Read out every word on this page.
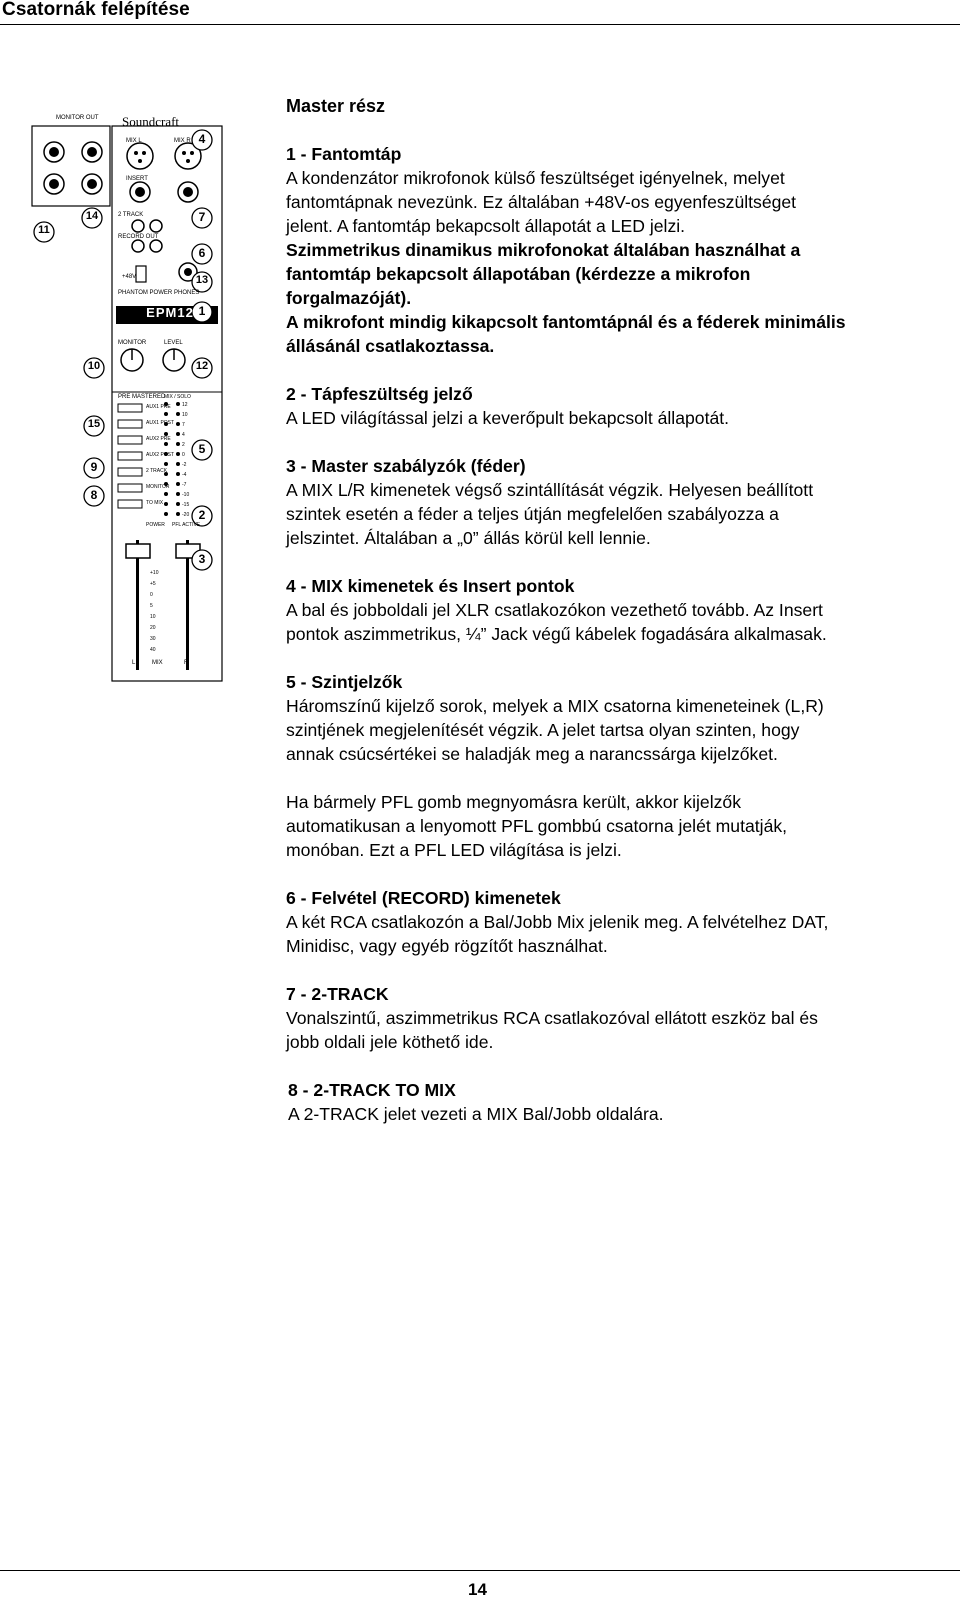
Csatornák felépítése
Soundcraft
EPM12
MONITOR OUT
MIX L	MIX R
INSERT
2 TRACK
RECORD OUT
PHANTOM POWER PHONES
+48V
MONITOR	LEVEL
PRE MASTERED
AUX1 PRE
AUX1 POST
AUX2 PRE
AUX2 POST
2 TRACK
MONITOR
TO MIX
MIX / SOLO
POWER PFL ACTIVE
L	MIX	R
12
10
7
4
2
0
-2
-4
-7
-10
-15
-20
+10
+5
0
5
10
20
30
40
4
7
6
13
1
11
14
10	12
15
9
8
5
2
3
Master rész
1 - Fantomtáp

A kondenzátor mikrofonok külső feszültséget igényelnek, melyet

fantomtápnak nevezünk. Ez általában +48V-os egyenfeszültséget

jelent. A fantomtáp bekapcsolt állapotát a LED jelzi.

Szimmetrikus dinamikus mikrofonokat általában használhat a

fantomtáp bekapcsolt állapotában (kérdezze a mikrofon

forgalmazóját).

A mikrofont mindig kikapcsolt fantomtápnál és a féderek minimális

állásánál csatlakoztassa.

2 - Tápfeszültség jelző

A LED világítással jelzi a keverőpult bekapcsolt állapotát.

3 - Master szabályzók (féder)

A MIX L/R kimenetek végső szintállítását végzik. Helyesen beállított

szintek esetén a féder a teljes útján megfelelően szabályozza a

jelszintet. Általában a „0” állás körül kell lennie.

4 - MIX kimenetek és Insert pontok

A bal és jobboldali jel XLR csatlakozókon vezethető tovább. Az Insert

pontok aszimmetrikus, ¼” Jack végű kábelek fogadására alkalmasak.

5 - Szintjelzők

Háromszínű kijelző sorok, melyek a MIX csatorna kimeneteinek (L,R)

szintjének megjelenítését végzik. A jelet tartsa olyan szinten, hogy

annak csúcsértékei se haladják meg a narancssárga kijelzőket.

Ha bármely PFL gomb megnyomásra került, akkor kijelzők

automatikusan a lenyomott PFL gombbú csatorna jelét mutatják,

monóban. Ezt a PFL LED világítása is jelzi.

6 - Felvétel (RECORD) kimenetek

A két RCA csatlakozón a Bal/Jobb Mix jelenik meg. A felvételhez DAT,

Minidisc, vagy egyéb rögzítőt használhat.

7 - 2-TRACK

Vonalszintű, aszimmetrikus RCA csatlakozóval ellátott eszköz bal és

jobb oldali jele köthető ide.

8 - 2-TRACK TO MIX

A 2-TRACK jelet vezeti a MIX Bal/Jobb oldalára.

14
